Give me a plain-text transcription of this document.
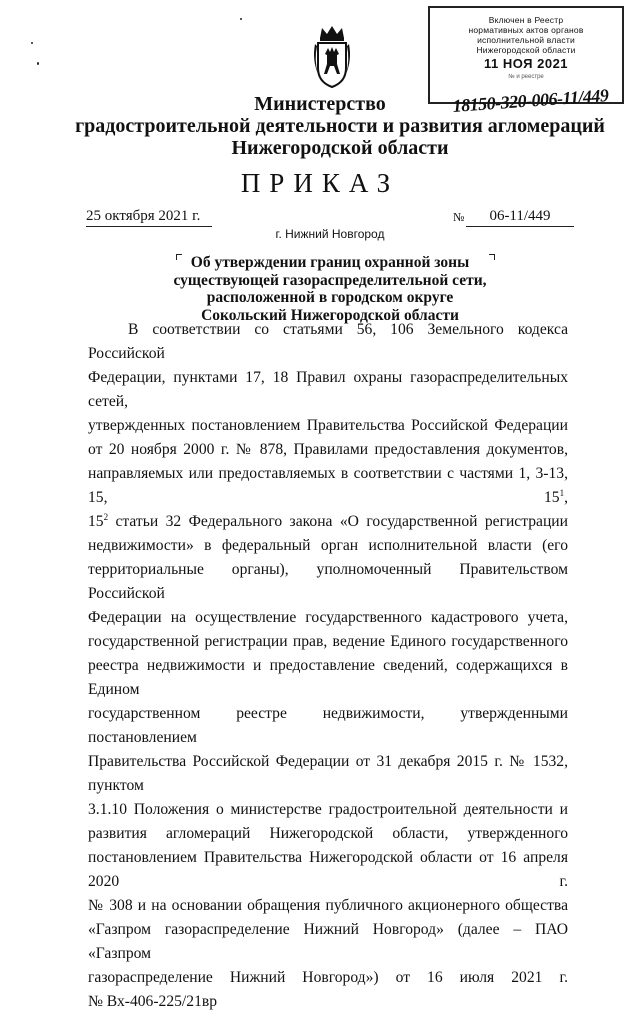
Включен в Реестр
нормативных актов органов
исполнительной власти
Нижегородской области
11 НОЯ 2021
№ и реестре
18150-320-006-11/449
Министерство
градостроительной деятельности и развития агломераций
Нижегородской области
ПРИКАЗ
25 октября 2021 г.	№	06-11/449
г. Нижний Новгород
Об утверждении границ охранной зоны
существующей газораспределительной сети,
расположенной в городском округе
Сокольский Нижегородской области

В соответствии со статьями 56, 106 Земельного кодекса Российской

Федерации, пунктами 17, 18 Правил охраны газораспределительных сетей,

утвержденных постановлением Правительства Российской Федерации

от 20 ноября 2000 г. № 878, Правилами предоставления документов,

направляемых или предоставляемых в соответствии с частями 1, 3-13, 15, $15^1$,

$15^2$ статьи 32 Федерального закона «О государственной регистрации

недвижимости» в федеральный орган исполнительной власти (его

территориальные органы), уполномоченный Правительством Российской

Федерации на осуществление государственного кадастрового учета,

государственной регистрации прав, ведение Единого государственного

реестра недвижимости и предоставление сведений, содержащихся в Едином

государственном реестре недвижимости, утвержденными постановлением

Правительства Российской Федерации от 31 декабря 2015 г. № 1532, пунктом

3.1.10 Положения о министерстве градостроительной деятельности и

развития агломераций Нижегородской области, утвержденного

постановлением Правительства Нижегородской области от 16 апреля 2020 г.

№ 308 и на основании обращения публичного акционерного общества

«Газпром газораспределение Нижний Новгород» (далее – ПАО «Газпром

газораспределение Нижний Новгород») от 16 июля 2021 г.

№ Вх-406-225/21вр
